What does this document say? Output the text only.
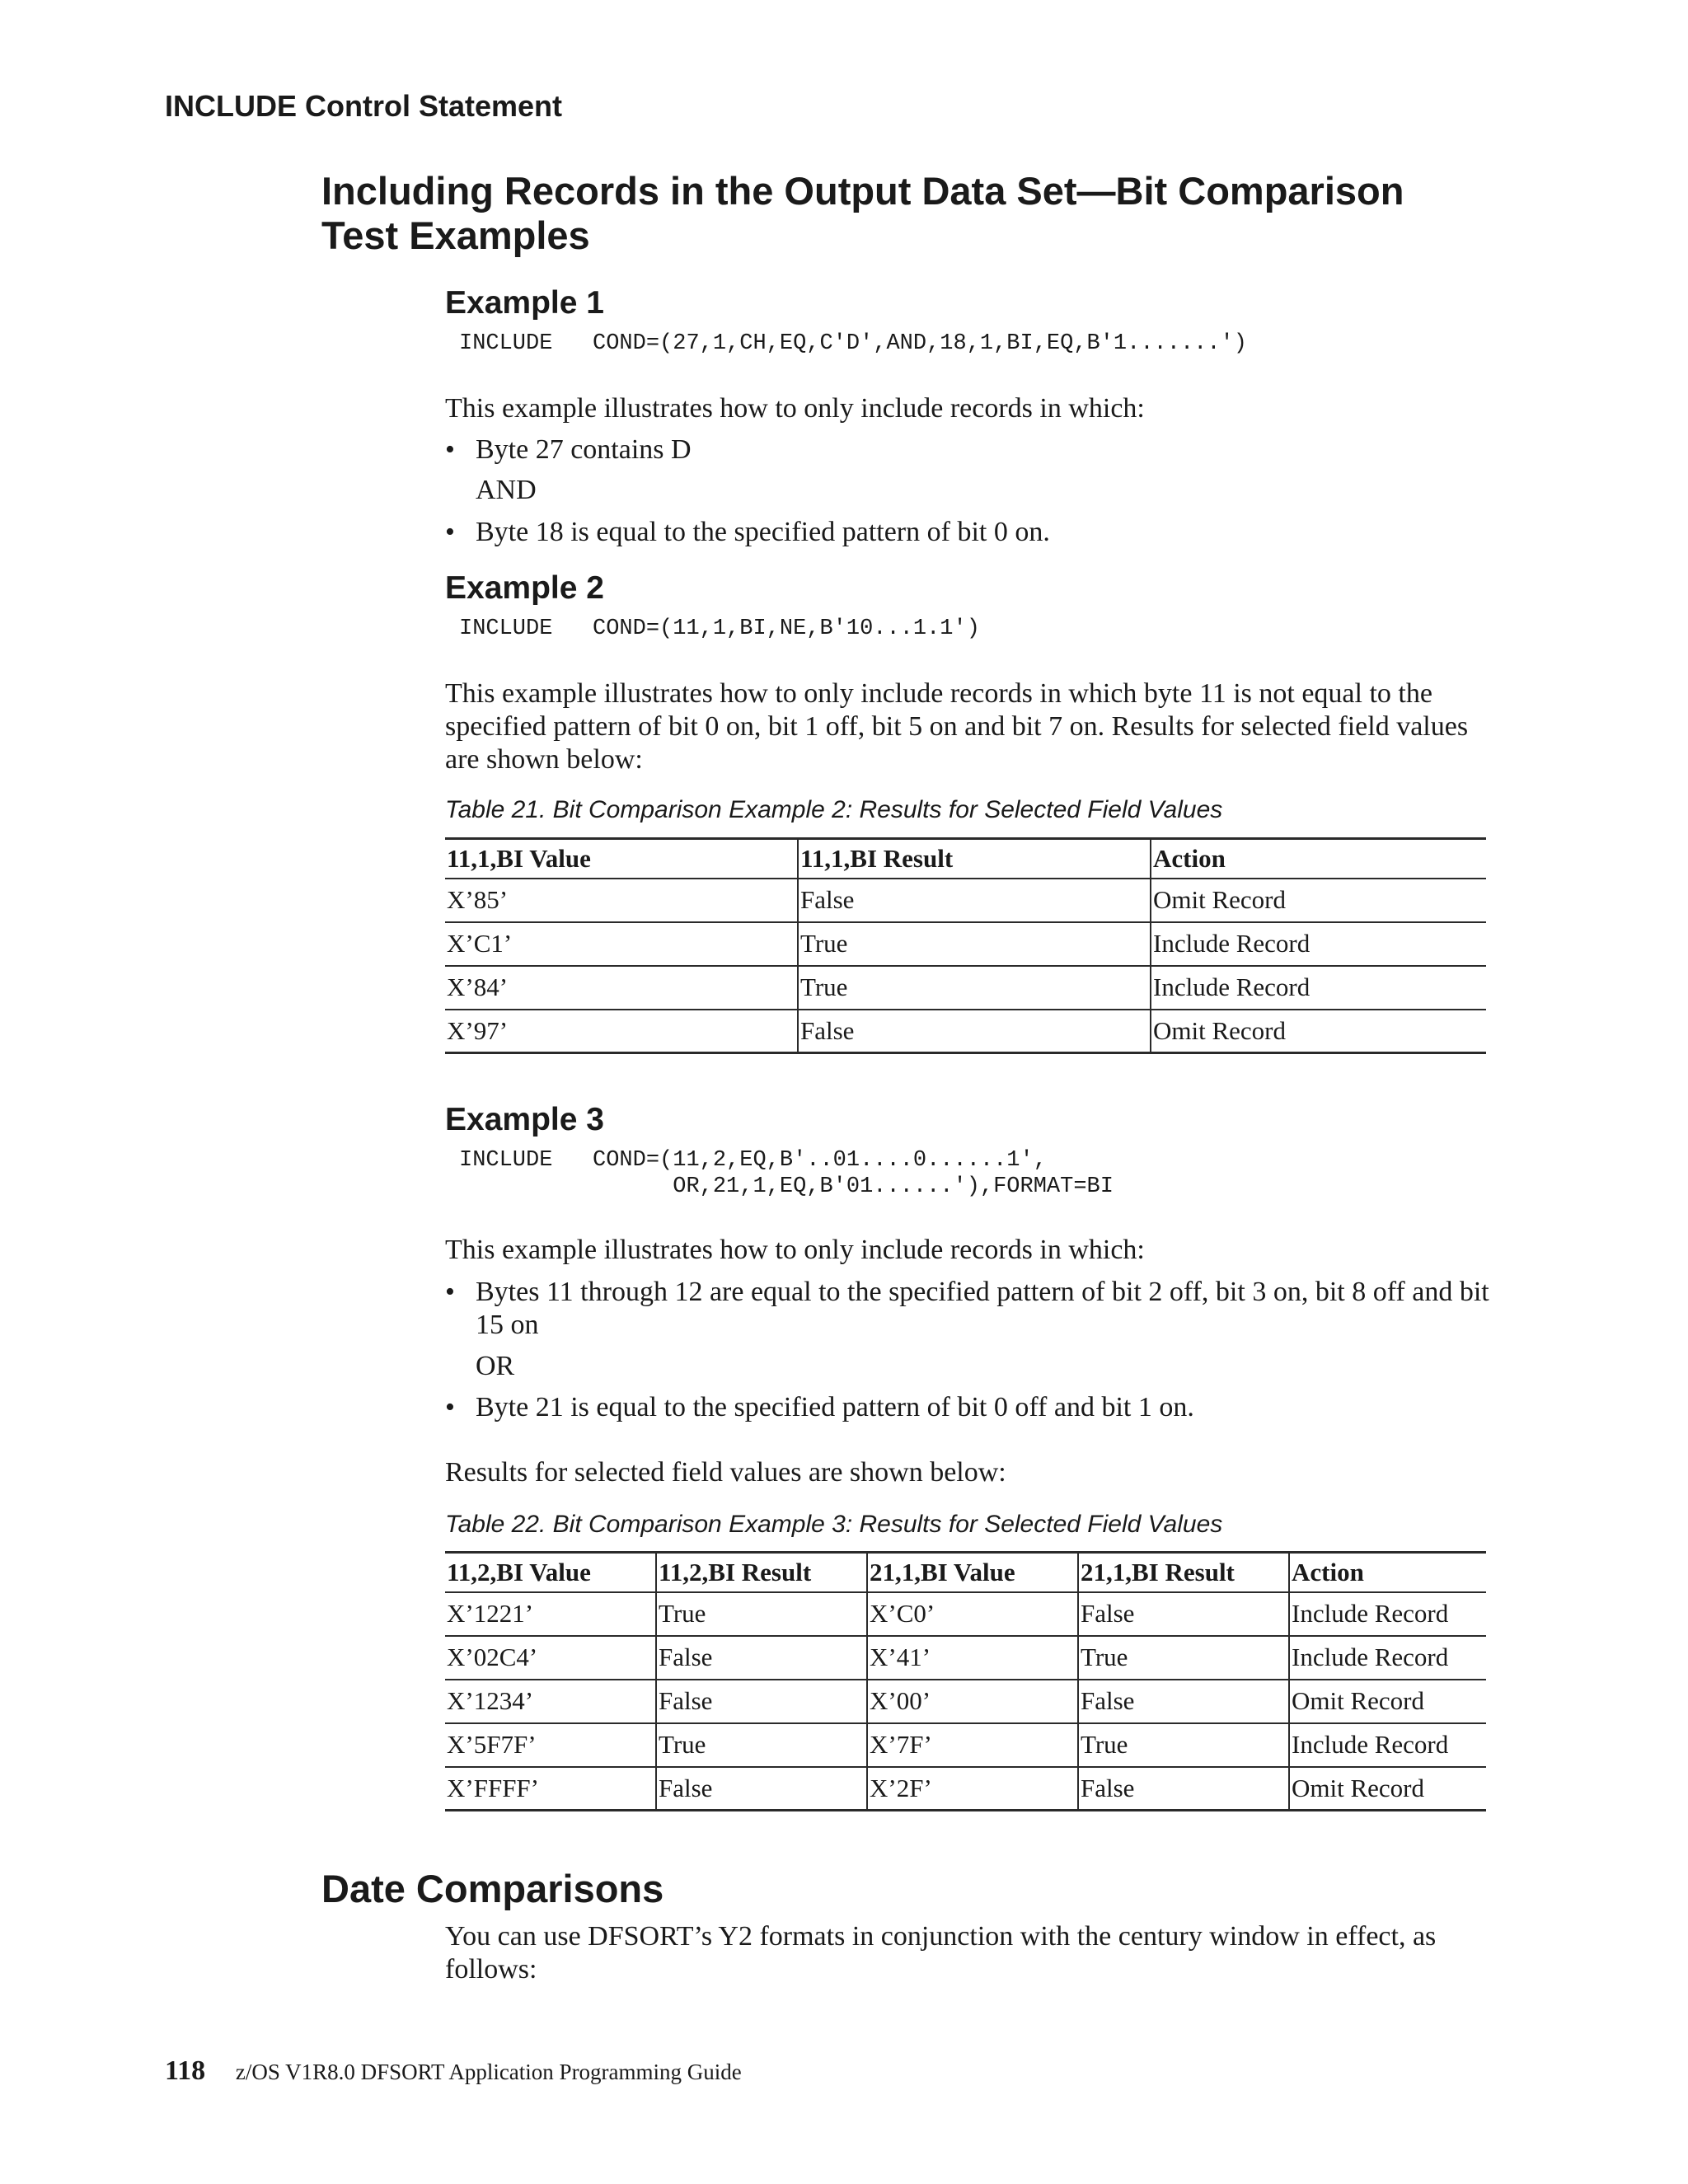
INCLUDE Control Statement

Including Records in the Output Data Set—Bit Comparison
Test Examples
Example 1
INCLUDE   COND=(27,1,CH,EQ,C'D',AND,18,1,BI,EQ,B'1.......')

This example illustrates how to only include records in which:

• Byte 27 contains D

AND

• Byte 18 is equal to the specified pattern of bit 0 on.
Example 2
INCLUDE   COND=(11,1,BI,NE,B'10...1.1')

This example illustrates how to only include records in which byte 11 is not equal to the specified pattern of bit 0 on, bit 1 off, bit 5 on and bit 7 on. Results for selected field values are shown below:

Table 21. Bit Comparison Example 2: Results for Selected Field Values

11,1,BI Value	11,1,BI Result	Action
X’85’	False	Omit Record
X’C1’	True	Include Record
X’84’	True	Include Record
X’97’	False	Omit Record
Example 3
INCLUDE   COND=(11,2,EQ,B'..01....0......1',
OR,21,1,EQ,B'01......'),FORMAT=BI

This example illustrates how to only include records in which:

• Bytes 11 through 12 are equal to the specified pattern of bit 2 off, bit 3 on, bit 8 off and bit 15 on

OR

• Byte 21 is equal to the specified pattern of bit 0 off and bit 1 on.

Results for selected field values are shown below:

Table 22. Bit Comparison Example 3: Results for Selected Field Values

11,2,BI Value	11,2,BI Result	21,1,BI Value	21,1,BI Result	Action
X’1221’	True	X’C0’	False	Include Record
X’02C4’	False	X’41’	True	Include Record
X’1234’	False	X’00’	False	Omit Record
X’5F7F’	True	X’7F’	True	Include Record
X’FFFF’	False	X’2F’	False	Omit Record
Date Comparisons

You can use DFSORT’s Y2 formats in conjunction with the century window in effect, as follows:

118 z/OS V1R8.0 DFSORT Application Programming Guide
